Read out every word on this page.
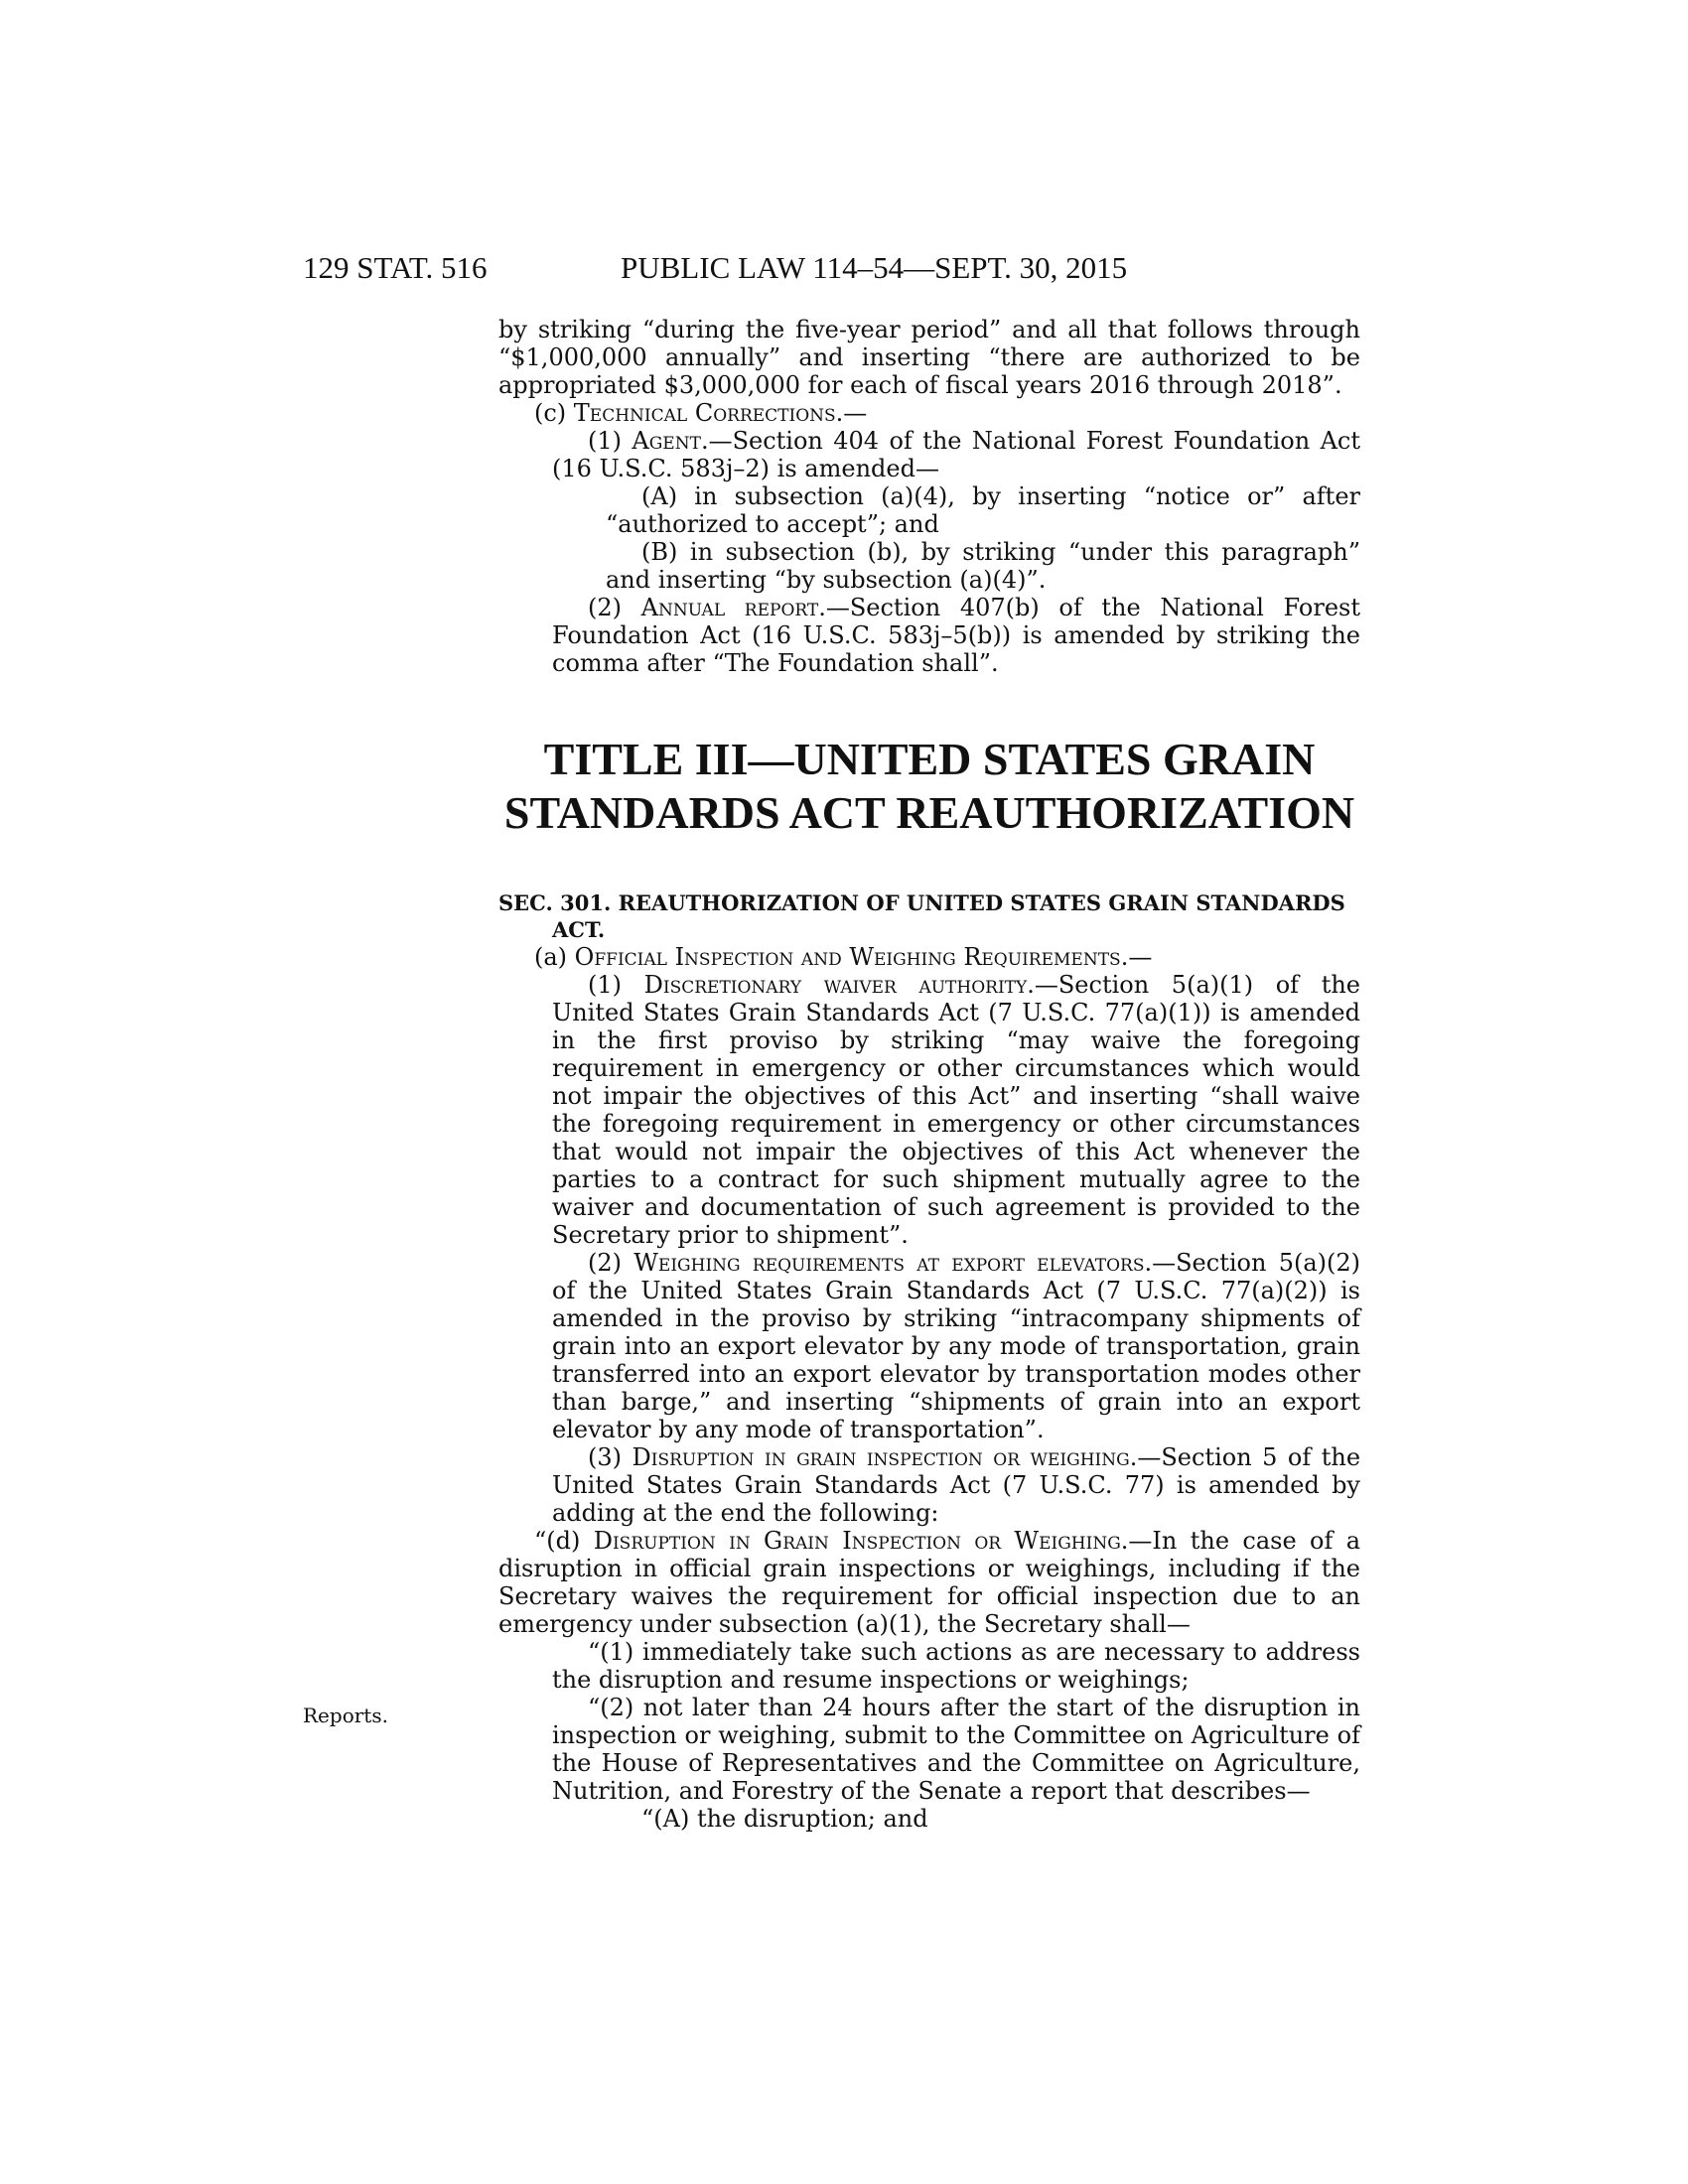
129 STAT. 516	PUBLIC LAW 114–54—SEPT. 30, 2015
Reports.

by striking “during the five-year period” and all that follows through “$1,000,000 annually” and inserting “there are authorized to be appropriated $3,000,000 for each of fiscal years 2016 through 2018”.

(c) Technical Corrections.—

(1) Agent.—Section 404 of the National Forest Foundation Act (16 U.S.C. 583j–2) is amended—

(A) in subsection (a)(4), by inserting “notice or” after “authorized to accept”; and

(B) in subsection (b), by striking “under this paragraph” and inserting “by subsection (a)(4)”.

(2) Annual report.—Section 407(b) of the National Forest Foundation Act (16 U.S.C. 583j–5(b)) is amended by striking the comma after “The Foundation shall”.

TITLE III—UNITED STATES GRAIN
STANDARDS ACT REAUTHORIZATION

SEC. 301. REAUTHORIZATION OF UNITED STATES GRAIN STANDARDS ACT.

(a) Official Inspection and Weighing Requirements.—

(1) Discretionary waiver authority.—Section 5(a)(1) of the United States Grain Standards Act (7 U.S.C. 77(a)(1)) is amended in the first proviso by striking “may waive the foregoing requirement in emergency or other circumstances which would not impair the objectives of this Act” and inserting “shall waive the foregoing requirement in emergency or other circumstances that would not impair the objectives of this Act whenever the parties to a contract for such shipment mutually agree to the waiver and documentation of such agreement is provided to the Secretary prior to shipment”.

(2) Weighing requirements at export elevators.—Section 5(a)(2) of the United States Grain Standards Act (7 U.S.C. 77(a)(2)) is amended in the proviso by striking “intracompany shipments of grain into an export elevator by any mode of transportation, grain transferred into an export elevator by transportation modes other than barge,” and inserting “shipments of grain into an export elevator by any mode of transportation”.

(3) Disruption in grain inspection or weighing.—Section 5 of the United States Grain Standards Act (7 U.S.C. 77) is amended by adding at the end the following:

“(d) Disruption in Grain Inspection or Weighing.—In the case of a disruption in official grain inspections or weighings, including if the Secretary waives the requirement for official inspection due to an emergency under subsection (a)(1), the Secretary shall—

“(1) immediately take such actions as are necessary to address the disruption and resume inspections or weighings;

“(2) not later than 24 hours after the start of the disruption in inspection or weighing, submit to the Committee on Agriculture of the House of Representatives and the Committee on Agriculture, Nutrition, and Forestry of the Senate a report that describes—

“(A) the disruption; and
